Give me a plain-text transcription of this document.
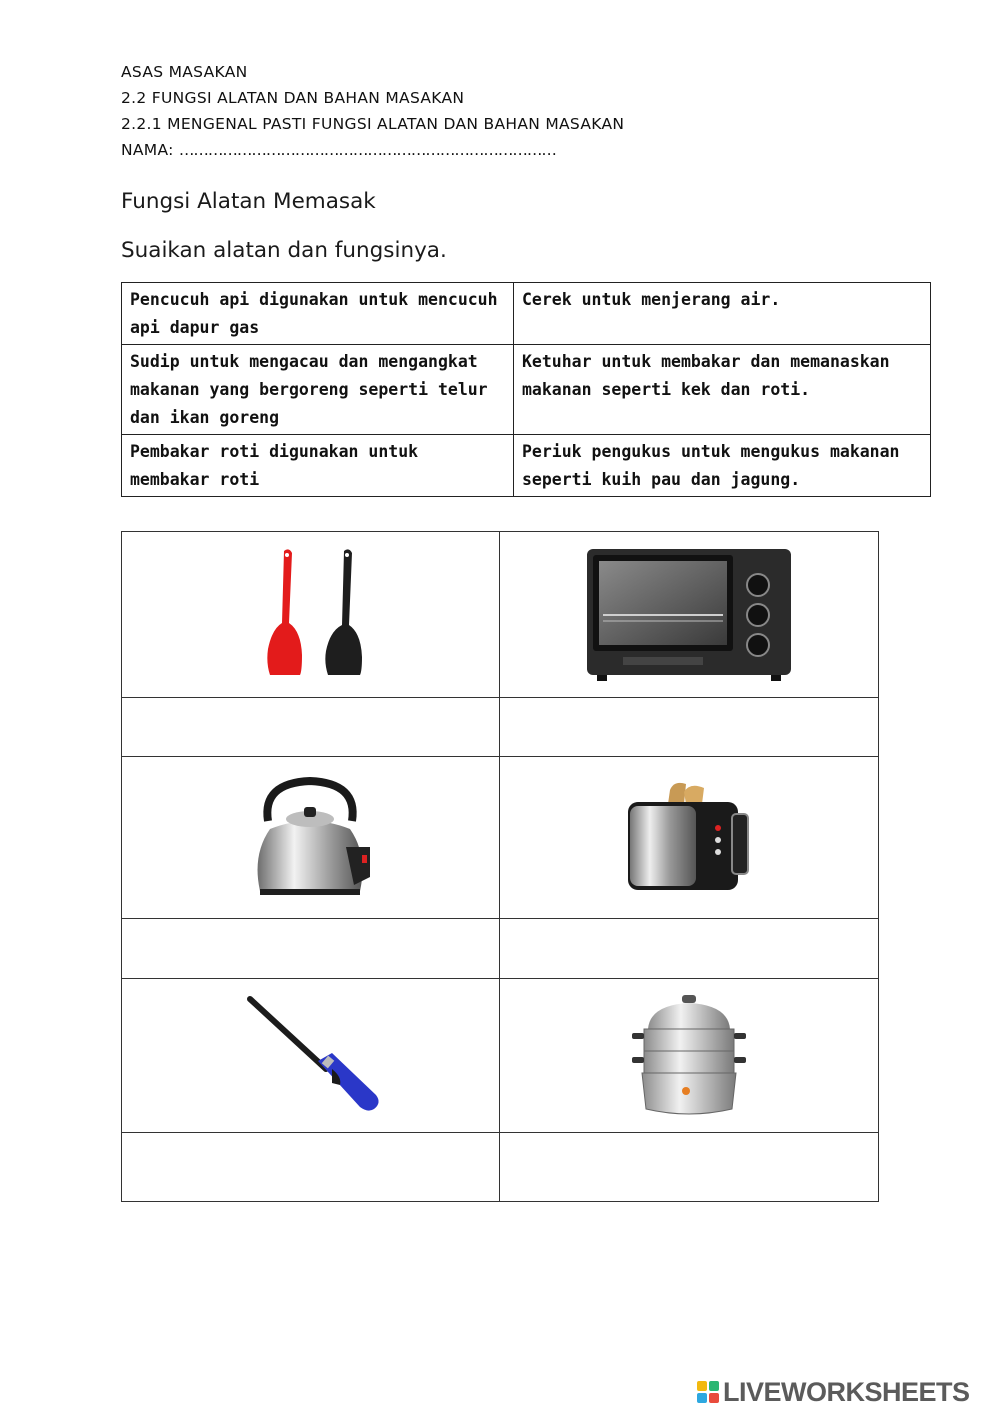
ASAS MASAKAN
2.2 FUNGSI ALATAN DAN BAHAN MASAKAN
2.2.1 MENGENAL PASTI FUNGSI ALATAN DAN BAHAN MASAKAN
NAMA: ……………………………………………………………………
Fungsi Alatan Memasak
Suaikan alatan dan fungsinya.
Pencucuh api digunakan untuk mencucuh api dapur gas	Cerek untuk menjerang air.
Sudip untuk mengacau dan mengangkat makanan yang bergoreng seperti telur dan ikan goreng	Ketuhar untuk membakar dan memanaskan makanan seperti kek dan roti.
Pembakar roti digunakan untuk membakar roti	Periuk pengukus untuk mengukus makanan seperti kuih pau dan jagung.

LIVEWORKSHEETS
